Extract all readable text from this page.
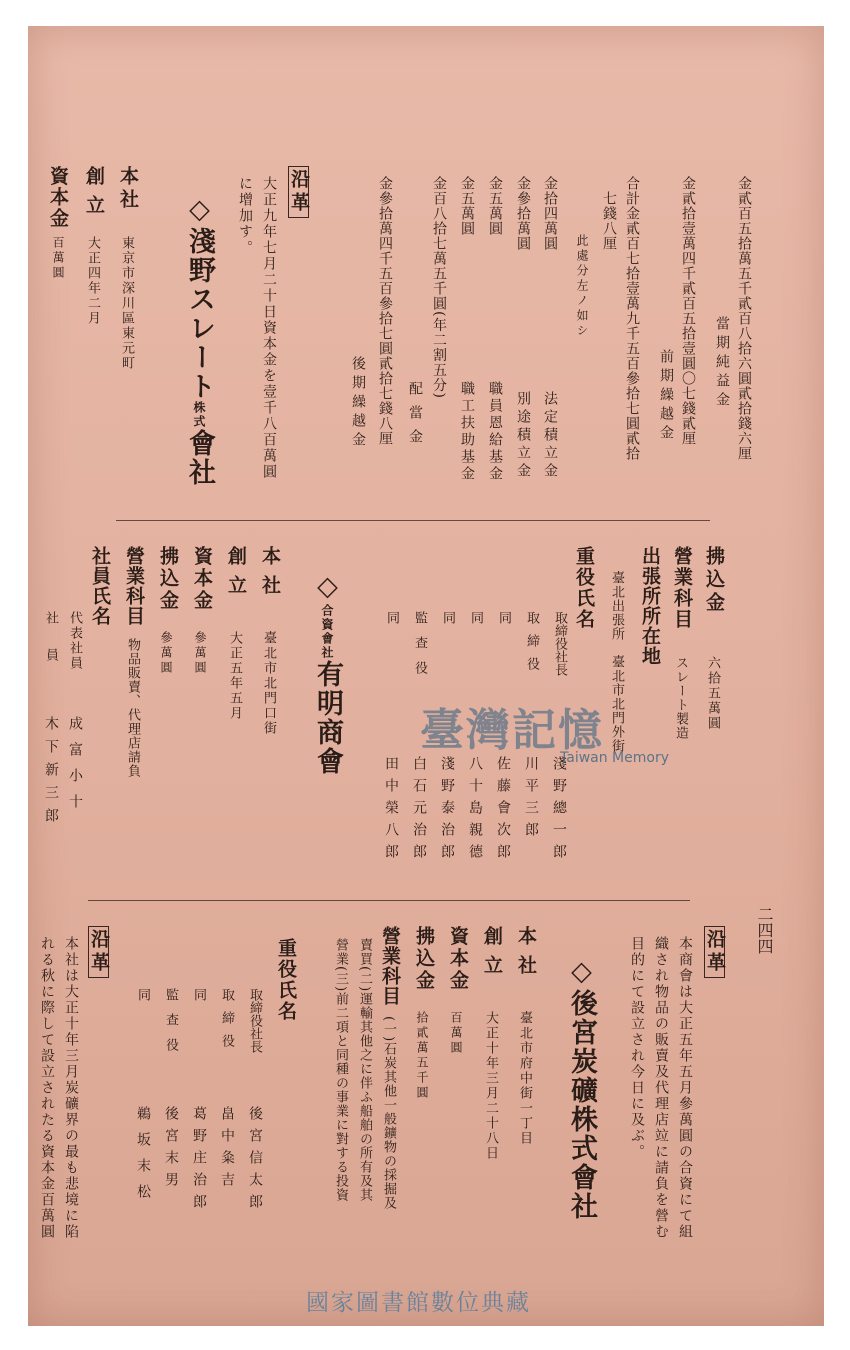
金貳百五拾萬五千貳百八拾六圓貳拾錢六厘
當期純益金
金貳拾壹萬四千貳百五拾壹圓〇七錢貳厘
前期繰越金
合計金貳百七拾壹萬九千五百參拾七圓貳拾
七錢八厘
此處分左ノ如シ
金拾四萬圓
法定積立金
金參拾萬圓
別途積立金
金五萬圓
職員恩給基金
金五萬圓
職工扶助基金
金百八拾七萬五千圓(年二割五分)
配當金
金參拾萬四千五百參拾七圓貳拾七錢八厘
後期繰越金
沿革
大正九年七月二十日資本金を壹千八百萬圓
に增加す。
◇淺野スレート株式會社
本社
東京市深川區東元町
創立
大正四年二月
資本金
百萬圓
拂込金
六拾五萬圓
營業科目
スレート製造
出張所所在地
臺北出張所　臺北市北門外街
重役氏名
取締役社長
淺野總一郎
取締役
川平三郎
同
佐藤會次郎
同
八十島親德
同
淺野泰治郎
監查役
白石元治郎
同
田中榮八郎
◇合資會社有明商會
本社
臺北市北門口街
創立
大正五年五月
資本金
參萬圓
拂込金
參萬圓
營業科目
物品販賣、代理店請負
社員氏名
代表社員
成富小十
社員
木下新三郎
二四四
沿革
本商會は大正五年五月參萬圓の合資にて組
織され物品の販賣及代理店竝に請負を營む
目的にて設立され今日に及ぶ。
◇後宮炭礦株式會社
本社
臺北市府中街一丁目
創立
大正十年三月二十八日
資本金
百萬圓
拂込金
拾貳萬五千圓
營業科目
(一)石炭其他一般鑛物の採掘及
賣買(二)運輸其他之に伴ふ船舶の所有及其
營業(三)前二項と同種の事業に對する投資
重役氏名
取締役社長
後宮信太郎
取締役
畠中粂吉
同
葛野庄治郎
監查役
後宮末男
同
鵜坂末松
沿革
本社は大正十年三月炭礦界の最も悲境に陷
れる秋に際して設立されたる資本金百萬圓
臺灣記憶
Taiwan Memory
國家圖書館數位典藏
